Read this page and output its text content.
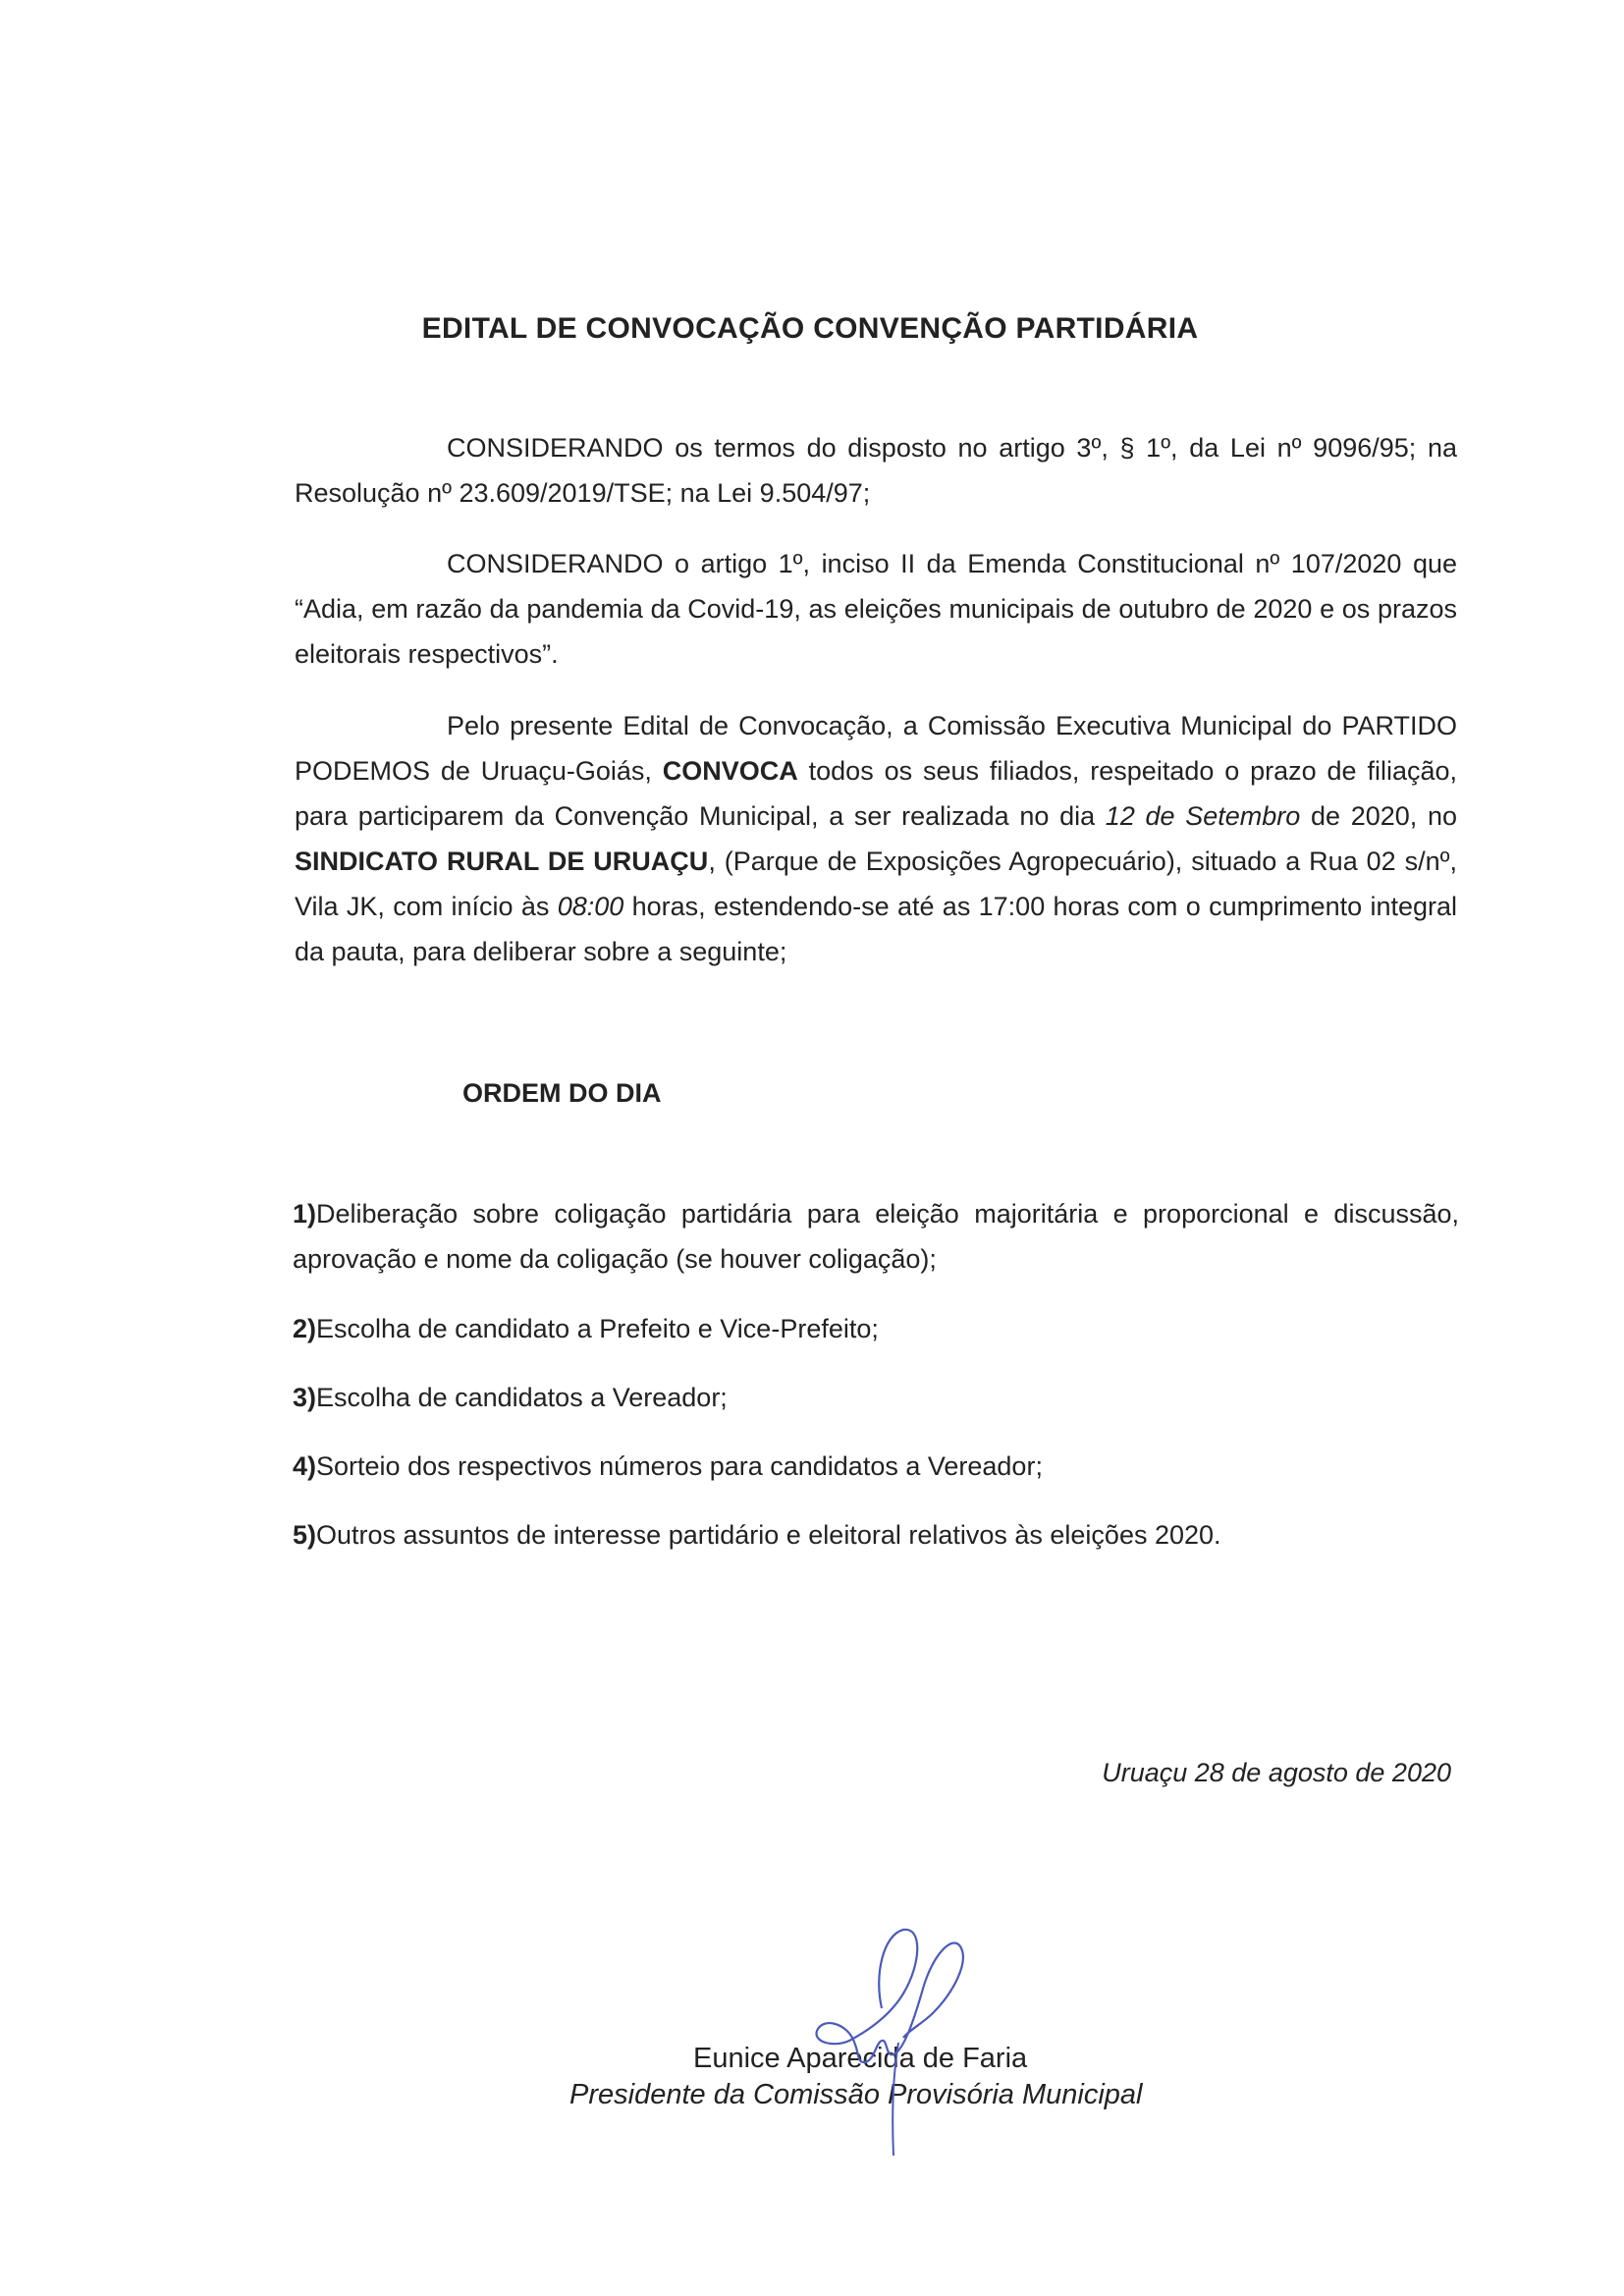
EDITAL DE CONVOCAÇÃO CONVENÇÃO PARTIDÁRIA

CONSIDERANDO os termos do disposto no artigo 3º, § 1º, da Lei nº 9096/95; na Resolução nº 23.609/2019/TSE; na Lei 9.504/97;

CONSIDERANDO o artigo 1º, inciso II da Emenda Constitucional nº 107/2020 que “Adia, em razão da pandemia da Covid-19, as eleições municipais de outubro de 2020 e os prazos eleitorais respectivos”.

Pelo presente Edital de Convocação, a Comissão Executiva Municipal do PARTIDO PODEMOS de Uruaçu-Goiás, CONVOCA todos os seus filiados, respeitado o prazo de filiação, para participarem da Convenção Municipal, a ser realizada no dia 12 de Setembro de 2020, no SINDICATO RURAL DE URUAÇU, (Parque de Exposições Agropecuário), situado a Rua 02 s/nº, Vila JK, com início às 08:00 horas, estendendo-se até as 17:00 horas com o cumprimento integral da pauta, para deliberar sobre a seguinte;

ORDEM DO DIA

1)Deliberação sobre coligação partidária para eleição majoritária e proporcional e discussão, aprovação e nome da coligação (se houver coligação);

2)Escolha de candidato a Prefeito e Vice-Prefeito;

3)Escolha de candidatos a Vereador;

4)Sorteio dos respectivos números para candidatos a Vereador;

5)Outros assuntos de interesse partidário e eleitoral relativos às eleições 2020.

Uruaçu 28 de agosto de 2020
Eunice Aparecida de Faria
Presidente da Comissão Provisória Municipal
